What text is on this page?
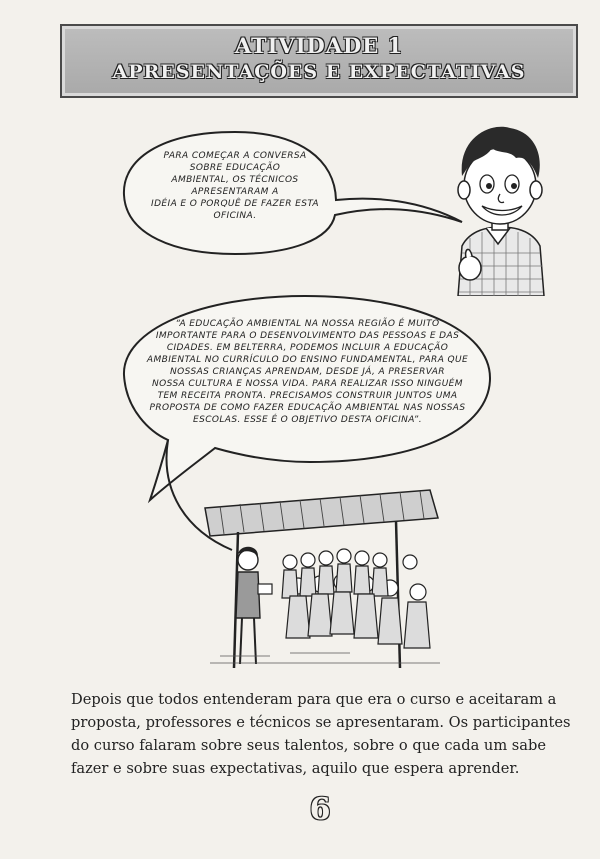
ATIVIDADE 1
APRESENTAÇÕES E EXPECTATIVAS
PARA COMEÇAR A CONVERSA
SOBRE EDUCAÇÃO
AMBIENTAL, OS TÉCNICOS
APRESENTARAM A
IDÉIA E O PORQUÊ DE FAZER ESTA
OFICINA.
“A EDUCAÇÃO AMBIENTAL NA NOSSA REGIÃO É MUITO
IMPORTANTE PARA O DESENVOLVIMENTO DAS PESSOAS E DAS
CIDADES. EM BELTERRA, PODEMOS INCLUIR A EDUCAÇÃO
AMBIENTAL NO CURRÍCULO DO ENSINO FUNDAMENTAL, PARA QUE
NOSSAS CRIANÇAS APRENDAM, DESDE JÁ, A PRESERVAR
NOSSA CULTURA E NOSSA VIDA. PARA REALIZAR ISSO NINGUÉM
TEM RECEITA PRONTA. PRECISAMOS CONSTRUIR JUNTOS UMA
PROPOSTA DE COMO FAZER EDUCAÇÃO AMBIENTAL NAS NOSSAS
ESCOLAS. ESSE É O OBJETIVO DESTA OFICINA”.

Depois que todos entenderam para que era o curso e aceitaram a proposta, professores e técnicos se apresentaram. Os participantes do curso falaram sobre seus talentos, sobre o que cada um sabe fazer e sobre suas expectativas, aquilo que espera aprender.

6
